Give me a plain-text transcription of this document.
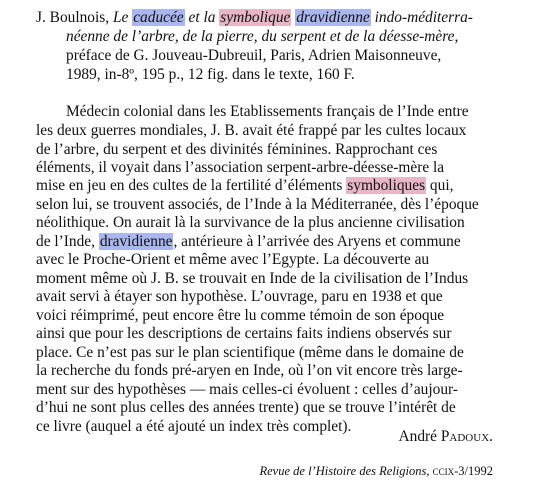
J. Boulnois, Le caducée et la symbolique dravidienne indo-méditerra-
néenne de l’arbre, de la pierre, du serpent et de la déesse-mère,
préface de G. Jouveau-Dubreuil, Paris, Adrien Maisonneuve,
1989, in-8º, 195 p., 12 fig. dans le texte, 160 F.
Médecin colonial dans les Etablissements français de l’Inde entre
les deux guerres mondiales, J. B. avait été frappé par les cultes locaux
de l’arbre, du serpent et des divinités féminines. Rapprochant ces
éléments, il voyait dans l’association serpent-arbre-déesse-mère la
mise en jeu en des cultes de la fertilité d’éléments symboliques qui,
selon lui, se trouvent associés, de l’Inde à la Méditerranée, dès l’époque
néolithique. On aurait là la survivance de la plus ancienne civilisation
de l’Inde, dravidienne, antérieure à l’arrivée des Aryens et commune
avec le Proche-Orient et même avec l’Egypte. La découverte au
moment même où J. B. se trouvait en Inde de la civilisation de l’Indus
avait servi à étayer son hypothèse. L’ouvrage, paru en 1938 et que
voici réimprimé, peut encore être lu comme témoin de son époque
ainsi que pour les descriptions de certains faits indiens observés sur
place. Ce n’est pas sur le plan scientifique (même dans le domaine de
la recherche du fonds pré-aryen en Inde, où l’on vit encore très large-
ment sur des hypothèses — mais celles-ci évoluent : celles d’aujour-
d’hui ne sont plus celles des années trente) que se trouve l’intérêt de
ce livre (auquel a été ajouté un index très complet).
André Padoux.
Revue de l’Histoire des Religions, ccix-3/1992
